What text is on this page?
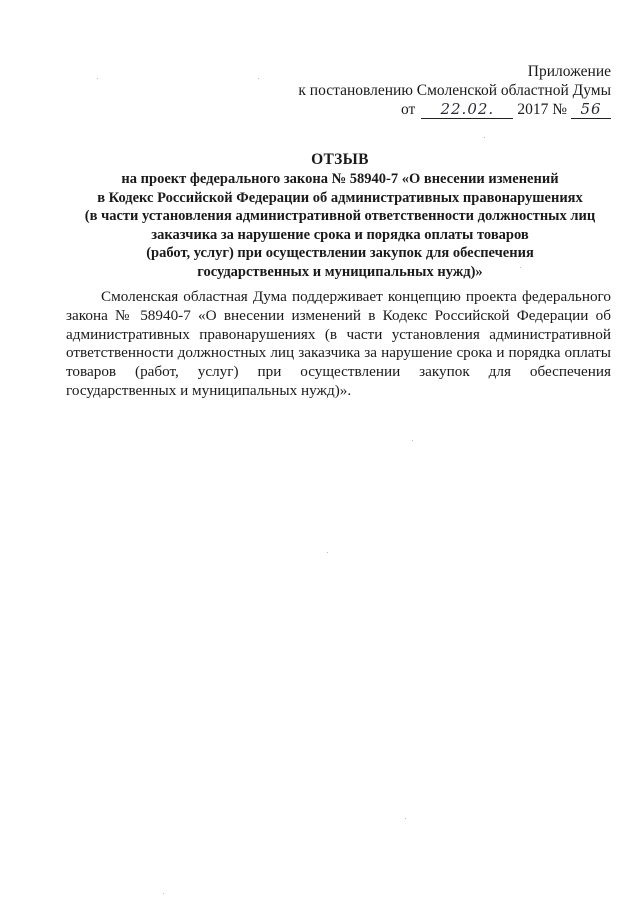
Приложение
к постановлению Смоленской областной Думы
от	22.02.	2017 № 56
ОТЗЫВ
на проект федерального закона № 58940-7 «О внесении изменений
в Кодекс Российской Федерации об административных правонарушениях
(в части установления административной ответственности должностных лиц
заказчика за нарушение срока и порядка оплаты товаров
(работ, услуг) при осуществлении закупок для обеспечения
государственных и муниципальных нужд)»
Смоленская областная Дума поддерживает концепцию проекта федерального
закона № 58940-7 «О внесении изменений в Кодекс Российской Федерации об
административных правонарушениях (в части установления административной
ответственности должностных лиц заказчика за нарушение срока и порядка оплаты
товаров (работ, услуг) при осуществлении закупок для обеспечения
государственных и муниципальных нужд)».
